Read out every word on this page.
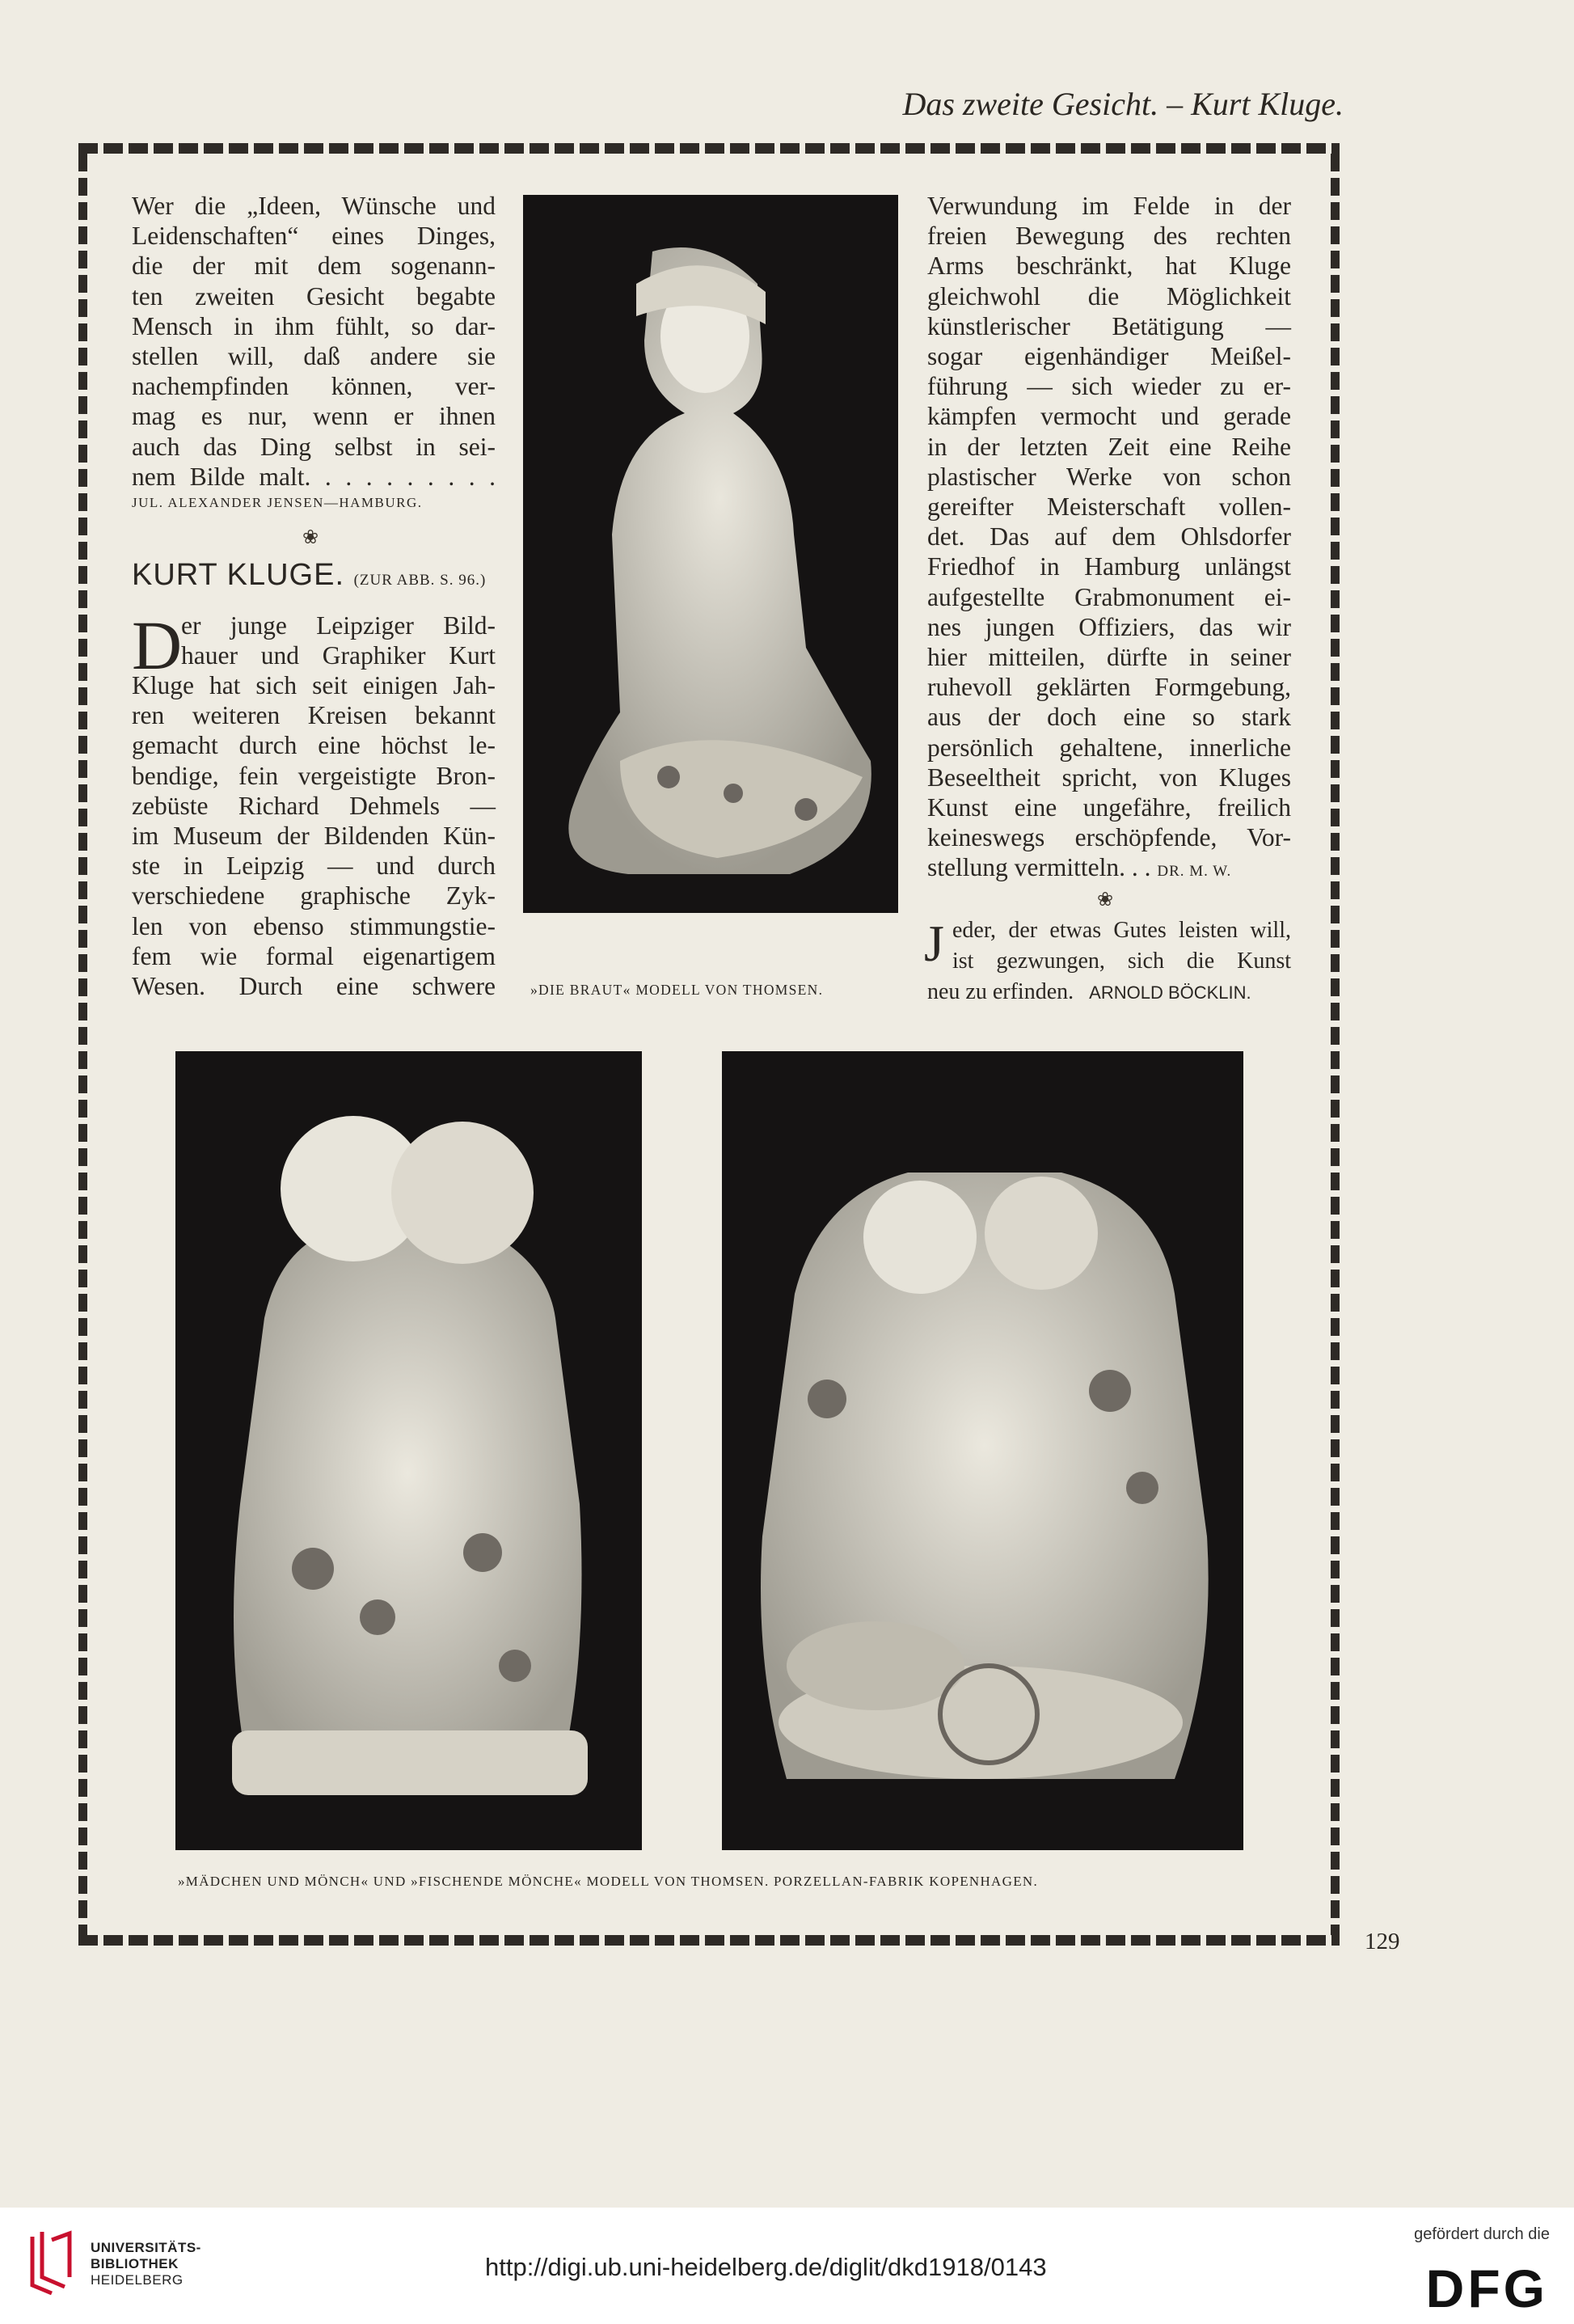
Das zweite Gesicht. – Kurt Kluge.
Wer die „Ideen, Wünsche und
Leidenschaften“ eines Dinges,
die der mit dem sogenann-
ten zweiten Gesicht begabte
Mensch in ihm fühlt, so dar-
stellen will, daß andere sie
nachempfinden können, ver-
mag es nur, wenn er ihnen
auch das Ding selbst in sei-
nem Bilde malt. . . . . . . . . .
JUL. ALEXANDER JENSEN—HAMBURG.
❀
KURT KLUGE. (ZUR ABB. S. 96.)
D
er junge Leipziger Bild-
hauer und Graphiker Kurt
Kluge hat sich seit einigen Jah-
ren weiteren Kreisen bekannt
gemacht durch eine höchst le-
bendige, fein vergeistigte Bron-
zebüste Richard Dehmels —
im Museum der Bildenden Kün-
ste in Leipzig — und durch
verschiedene graphische Zyk-
len von ebenso stimmungstie-
fem wie formal eigenartigem
Wesen. Durch eine schwere »DIE BRAUT« MODELL VON THOMSEN.
Verwundung im Felde in der
freien Bewegung des rechten
Arms beschränkt, hat Kluge
gleichwohl die Möglichkeit
künstlerischer Betätigung —
sogar eigenhändiger Meißel-
führung — sich wieder zu er-
kämpfen vermocht und gerade
in der letzten Zeit eine Reihe
plastischer Werke von schon
gereifter Meisterschaft vollen-
det. Das auf dem Ohlsdorfer
Friedhof in Hamburg unlängst
aufgestellte Grabmonument ei-
nes jungen Offiziers, das wir
hier mitteilen, dürfte in seiner
ruhevoll geklärten Formgebung,
aus der doch eine so stark
persönlich gehaltene, innerliche
Beseeltheit spricht, von Kluges
Kunst eine ungefähre, freilich
keineswegs erschöpfende, Vor-
stellung vermitteln. . . DR. M. W.
❀
J eder, der etwas Gutes leisten will,
ist gezwungen, sich die Kunst
neu zu erfinden. ARNOLD BÖCKLIN.
»MÄDCHEN UND MÖNCH« UND »FISCHENDE MÖNCHE« MODELL VON THOMSEN. PORZELLAN-FABRIK KOPENHAGEN.
129
UNIVERSITÄTS-
BIBLIOTHEK
HEIDELBERG	http://digi.ub.uni-heidelberg.de/diglit/dkd1918/0143
gefördert durch die
DFG
